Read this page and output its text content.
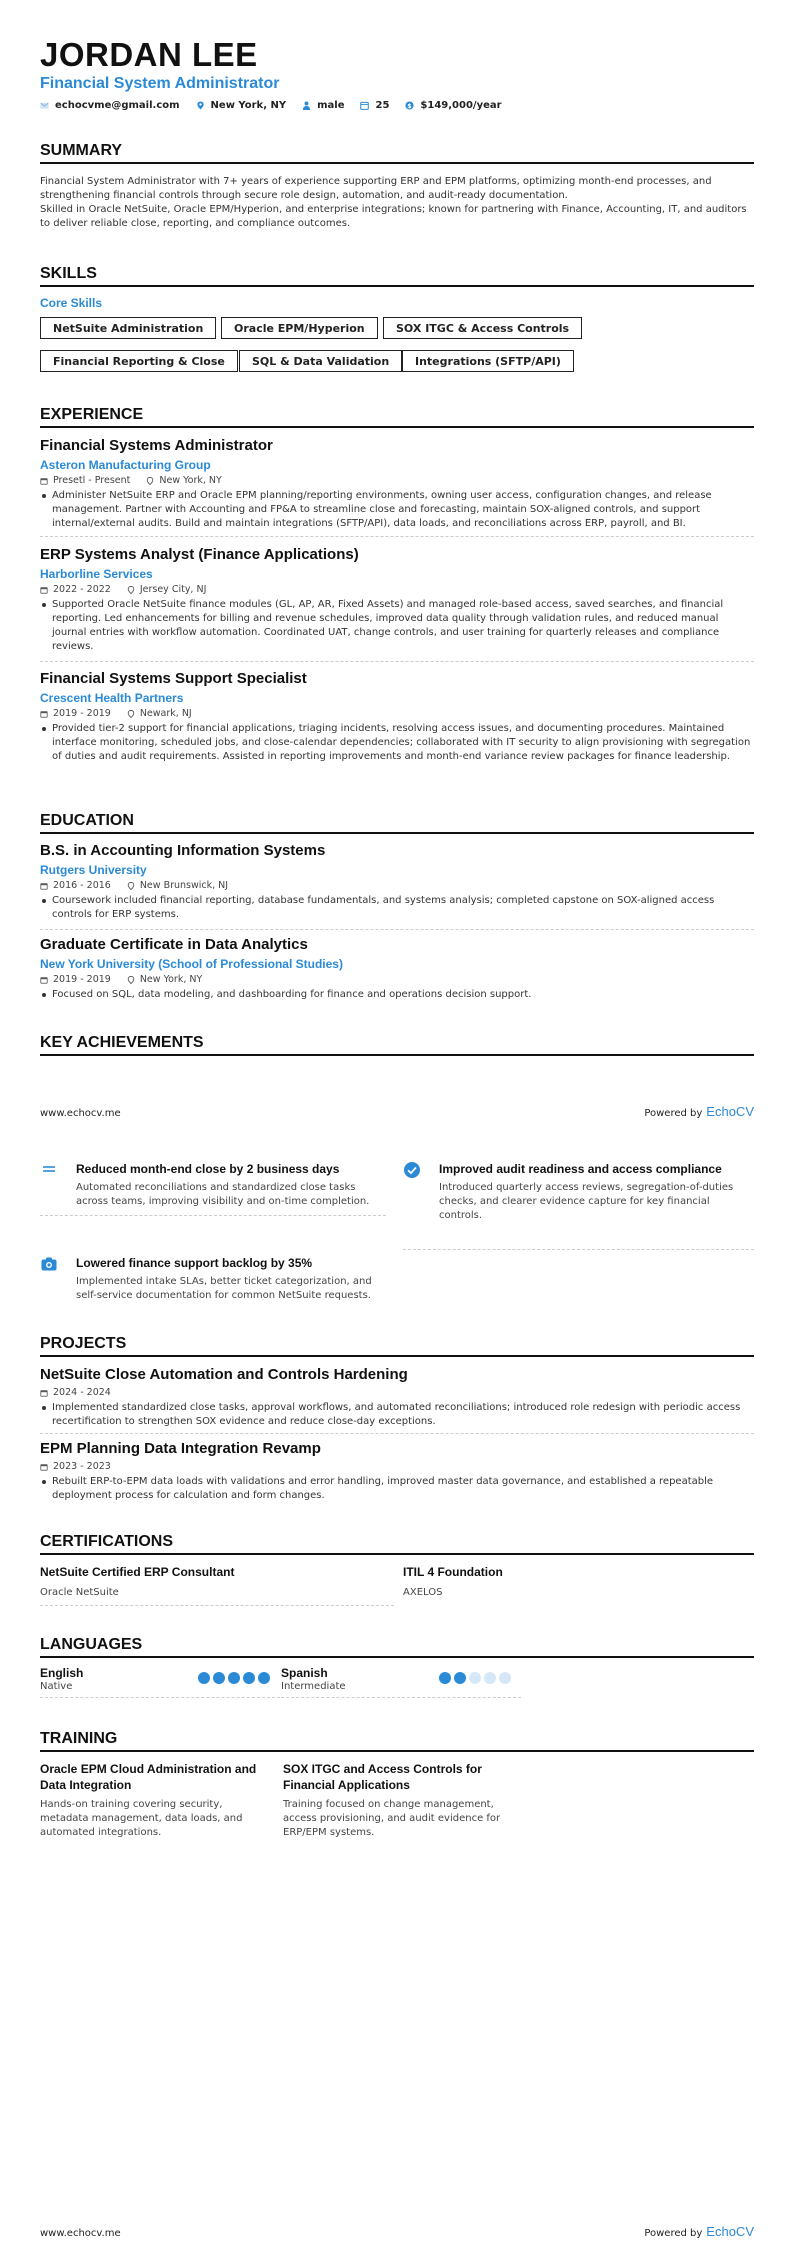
JORDAN LEE
Financial System Administrator
echocvme@gmail.com	New York, NY	male	25	$ $149,000/year
SUMMARY
Financial System Administrator with 7+ years of experience supporting ERP and EPM platforms, optimizing month-end processes, and strengthening financial controls through secure role design, automation, and audit-ready documentation.
Skilled in Oracle NetSuite, Oracle EPM/Hyperion, and enterprise integrations; known for partnering with Finance, Accounting, IT, and auditors to deliver reliable close, reporting, and compliance outcomes.
SKILLS
Core Skills
NetSuite Administration	Oracle EPM/Hyperion	SOX ITGC & Access Controls
Financial Reporting & Close	SQL & Data Validation	Integrations (SFTP/API)
EXPERIENCE
Financial Systems Administrator
Asteron Manufacturing Group
Presetl - Present	New York, NY
Administer NetSuite ERP and Oracle EPM planning/reporting environments, owning user access, configuration changes, and release management. Partner with Accounting and FP&A to streamline close and forecasting, maintain SOX-aligned controls, and support internal/external audits. Build and maintain integrations (SFTP/API), data loads, and reconciliations across ERP, payroll, and BI.
ERP Systems Analyst (Finance Applications)
Harborline Services
2022 - 2022	Jersey City, NJ
Supported Oracle NetSuite finance modules (GL, AP, AR, Fixed Assets) and managed role-based access, saved searches, and financial reporting. Led enhancements for billing and revenue schedules, improved data quality through validation rules, and reduced manual journal entries with workflow automation. Coordinated UAT, change controls, and user training for quarterly releases and compliance reviews.
Financial Systems Support Specialist
Crescent Health Partners
2019 - 2019	Newark, NJ
Provided tier-2 support for financial applications, triaging incidents, resolving access issues, and documenting procedures. Maintained interface monitoring, scheduled jobs, and close-calendar dependencies; collaborated with IT security to align provisioning with segregation of duties and audit requirements. Assisted in reporting improvements and month-end variance review packages for finance leadership.
EDUCATION
B.S. in Accounting Information Systems
Rutgers University
2016 - 2016	New Brunswick, NJ
Coursework included financial reporting, database fundamentals, and systems analysis; completed capstone on SOX-aligned access controls for ERP systems.
Graduate Certificate in Data Analytics
New York University (School of Professional Studies)
2019 - 2019	New York, NY
Focused on SQL, data modeling, and dashboarding for finance and operations decision support.
KEY ACHIEVEMENTS
www.echocv.me	Powered by EchoCV
Reduced month-end close by 2 business days
Automated reconciliations and standardized close tasks across teams, improving visibility and on-time completion.
Improved audit readiness and access compliance
Introduced quarterly access reviews, segregation-of-duties checks, and clearer evidence capture for key financial controls.
Lowered finance support backlog by 35%
Implemented intake SLAs, better ticket categorization, and self-service documentation for common NetSuite requests.
PROJECTS
NetSuite Close Automation and Controls Hardening
2024 - 2024
Implemented standardized close tasks, approval workflows, and automated reconciliations; introduced role redesign with periodic access recertification to strengthen SOX evidence and reduce close-day exceptions.
EPM Planning Data Integration Revamp
2023 - 2023
Rebuilt ERP-to-EPM data loads with validations and error handling, improved master data governance, and established a repeatable deployment process for calculation and form changes.
CERTIFICATIONS
NetSuite Certified ERP Consultant
Oracle NetSuite
ITIL 4 Foundation
AXELOS
LANGUAGES
English
Native
Spanish
Intermediate
TRAINING
Oracle EPM Cloud Administration and Data Integration
Hands-on training covering security, metadata management, data loads, and automated integrations.
SOX ITGC and Access Controls for Financial Applications
Training focused on change management, access provisioning, and audit evidence for ERP/EPM systems.
www.echocv.me	Powered by EchoCV
